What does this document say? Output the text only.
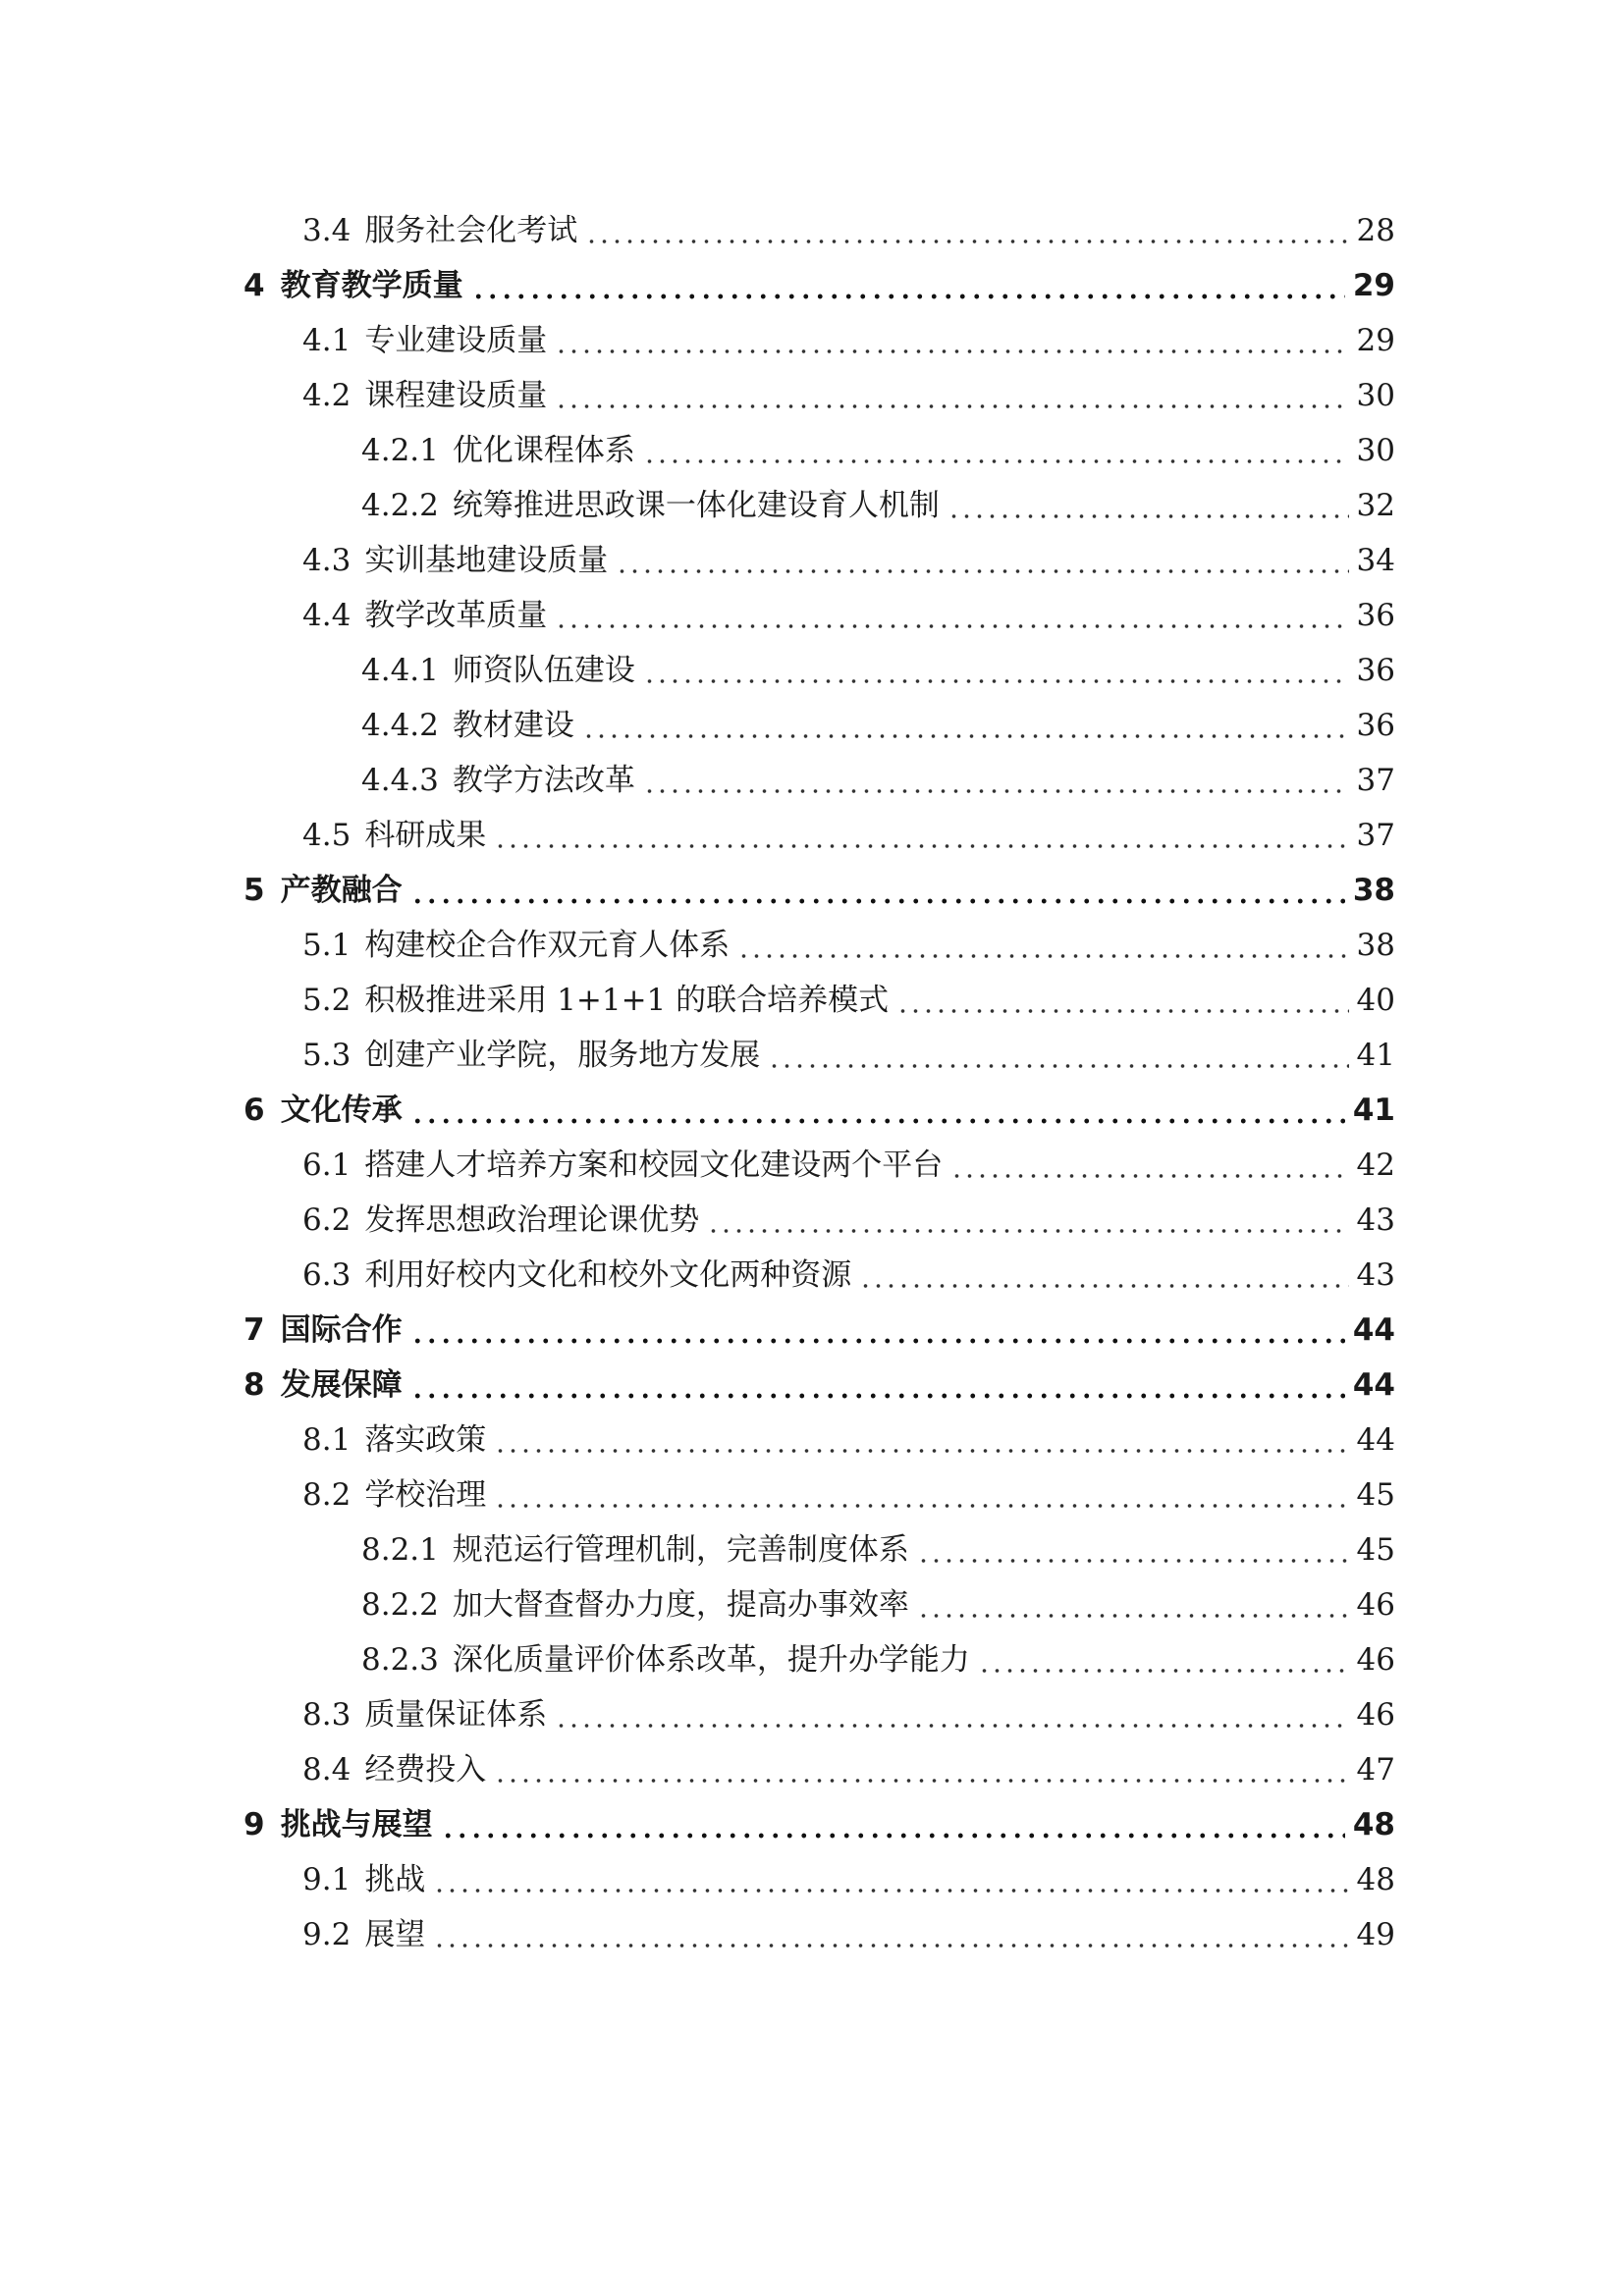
3.4 服务社会化考试	28
4 教育教学质量	29
4.1 专业建设质量	29
4.2 课程建设质量	30
4.2.1 优化课程体系	30
4.2.2 统筹推进思政课一体化建设育人机制	32
4.3 实训基地建设质量	34
4.4 教学改革质量	36
4.4.1 师资队伍建设	36
4.4.2 教材建设	36
4.4.3 教学方法改革	37
4.5 科研成果	37
5 产教融合	38
5.1 构建校企合作双元育人体系	38
5.2 积极推进采用 1+1+1 的联合培养模式	40
5.3 创建产业学院，服务地方发展	41
6 文化传承	41
6.1 搭建人才培养方案和校园文化建设两个平台	42
6.2 发挥思想政治理论课优势	43
6.3 利用好校内文化和校外文化两种资源	43
7 国际合作	44
8 发展保障	44
8.1 落实政策	44
8.2 学校治理	45
8.2.1 规范运行管理机制，完善制度体系	45
8.2.2 加大督查督办力度，提高办事效率	46
8.2.3 深化质量评价体系改革，提升办学能力	46
8.3 质量保证体系	46
8.4 经费投入	47
9 挑战与展望	48
9.1 挑战	48
9.2 展望	49
